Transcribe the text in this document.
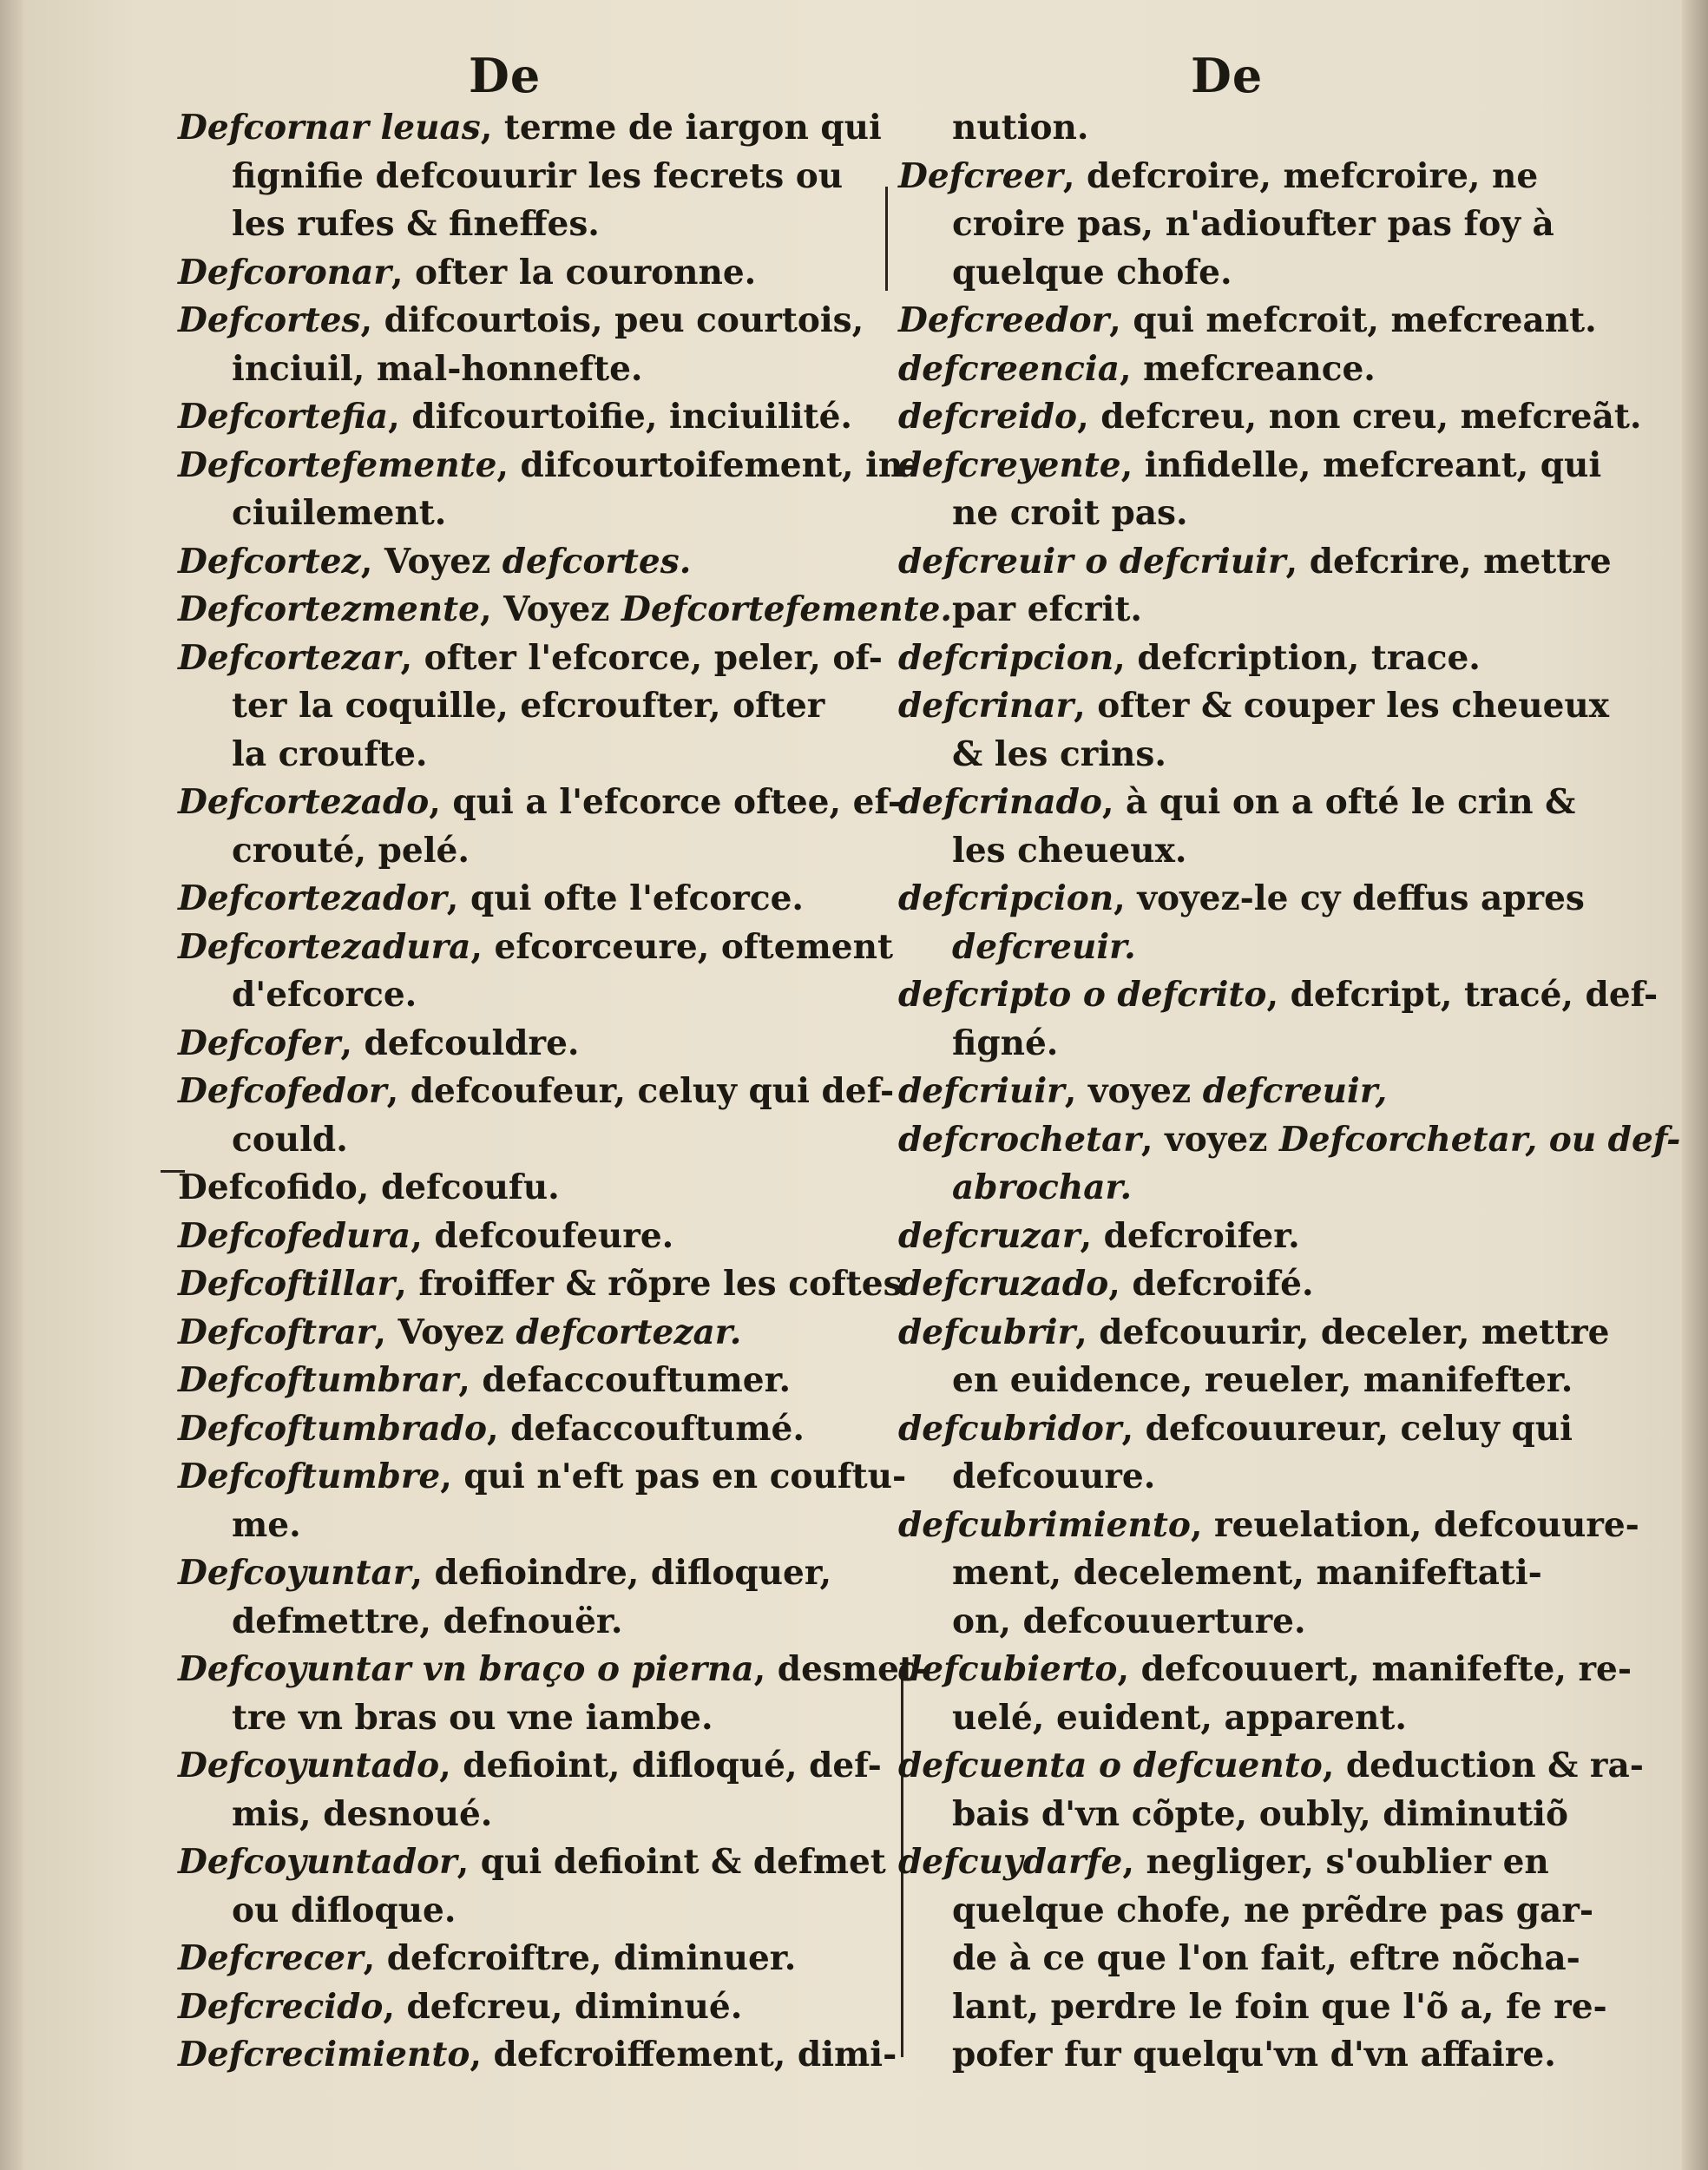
De	De
Defcornar leuas, terme de iargon qui
fignifie defcouurir les fecrets ou
les rufes & fineffes.
Defcoronar, ofter la couronne.
Defcortes, difcourtois, peu courtois,
inciuil, mal-honnefte.
Defcortefia, difcourtoifie, inciuilité.
Defcortefemente, difcourtoifement, in-
ciuilement.
Defcortez, Voyez defcortes.
Defcortezmente, Voyez Defcortefemente.
Defcortezar, ofter l'efcorce, peler, of-
ter la coquille, efcroufter, ofter
la croufte.
Defcortezado, qui a l'efcorce oftee, ef-
crouté, pelé.
Defcortezador, qui ofte l'efcorce.
Defcortezadura, efcorceure, oftement
d'efcorce.
Defcofer, defcouldre.
Defcofedor, defcoufeur, celuy qui def-
could.
Defcofido, defcoufu.
Defcofedura, defcoufeure.
Defcoftillar, froiffer & rõpre les coftes
Defcoftrar, Voyez defcortezar.
Defcoftumbrar, defaccouftumer.
Defcoftumbrado, defaccouftumé.
Defcoftumbre, qui n'eft pas en couftu-
me.
Defcoyuntar, defioindre, difloquer,
defmettre, defnouër.
Defcoyuntar vn braço o pierna, desmet-
tre vn bras ou vne iambe.
Defcoyuntado, defioint, difloqué, def-
mis, desnoué.
Defcoyuntador, qui defioint & defmet
ou difloque.
Defcrecer, defcroiftre, diminuer.
Defcrecido, defcreu, diminué.
Defcrecimiento, defcroiffement, dimi-
nution.
Defcreer, defcroire, mefcroire, ne
croire pas, n'adioufter pas foy à
quelque chofe.
Defcreedor, qui mefcroit, mefcreant.
defcreencia, mefcreance.
defcreido, defcreu, non creu, mefcreãt.
defcreyente, infidelle, mefcreant, qui
ne croit pas.
defcreuir o defcriuir, defcrire, mettre
par efcrit.
defcripcion, defcription, trace.
defcrinar, ofter & couper les cheueux
& les crins.
defcrinado, à qui on a ofté le crin &
les cheueux.
defcripcion, voyez-le cy deffus apres
defcreuir.
defcripto o defcrito, defcript, tracé, def-
figné.
defcriuir, voyez defcreuir,
defcrochetar, voyez Defcorchetar, ou def-
abrochar.
defcruzar, defcroifer.
defcruzado, defcroifé.
defcubrir, defcouurir, deceler, mettre
en euidence, reueler, manifefter.
defcubridor, defcouureur, celuy qui
defcouure.
defcubrimiento, reuelation, defcouure-
ment, decelement, manifeftati-
on, defcouuerture.
defcubierto, defcouuert, manifefte, re-
uelé, euident, apparent.
defcuenta o defcuento, deduction & ra-
bais d'vn cõpte, oubly, diminutiõ
defcuydarfe, negliger, s'oublier en
quelque chofe, ne prẽdre pas gar-
de à ce que l'on fait, eftre nõcha-
lant, perdre le foin que l'õ a, fe re-
pofer fur quelqu'vn d'vn affaire.
